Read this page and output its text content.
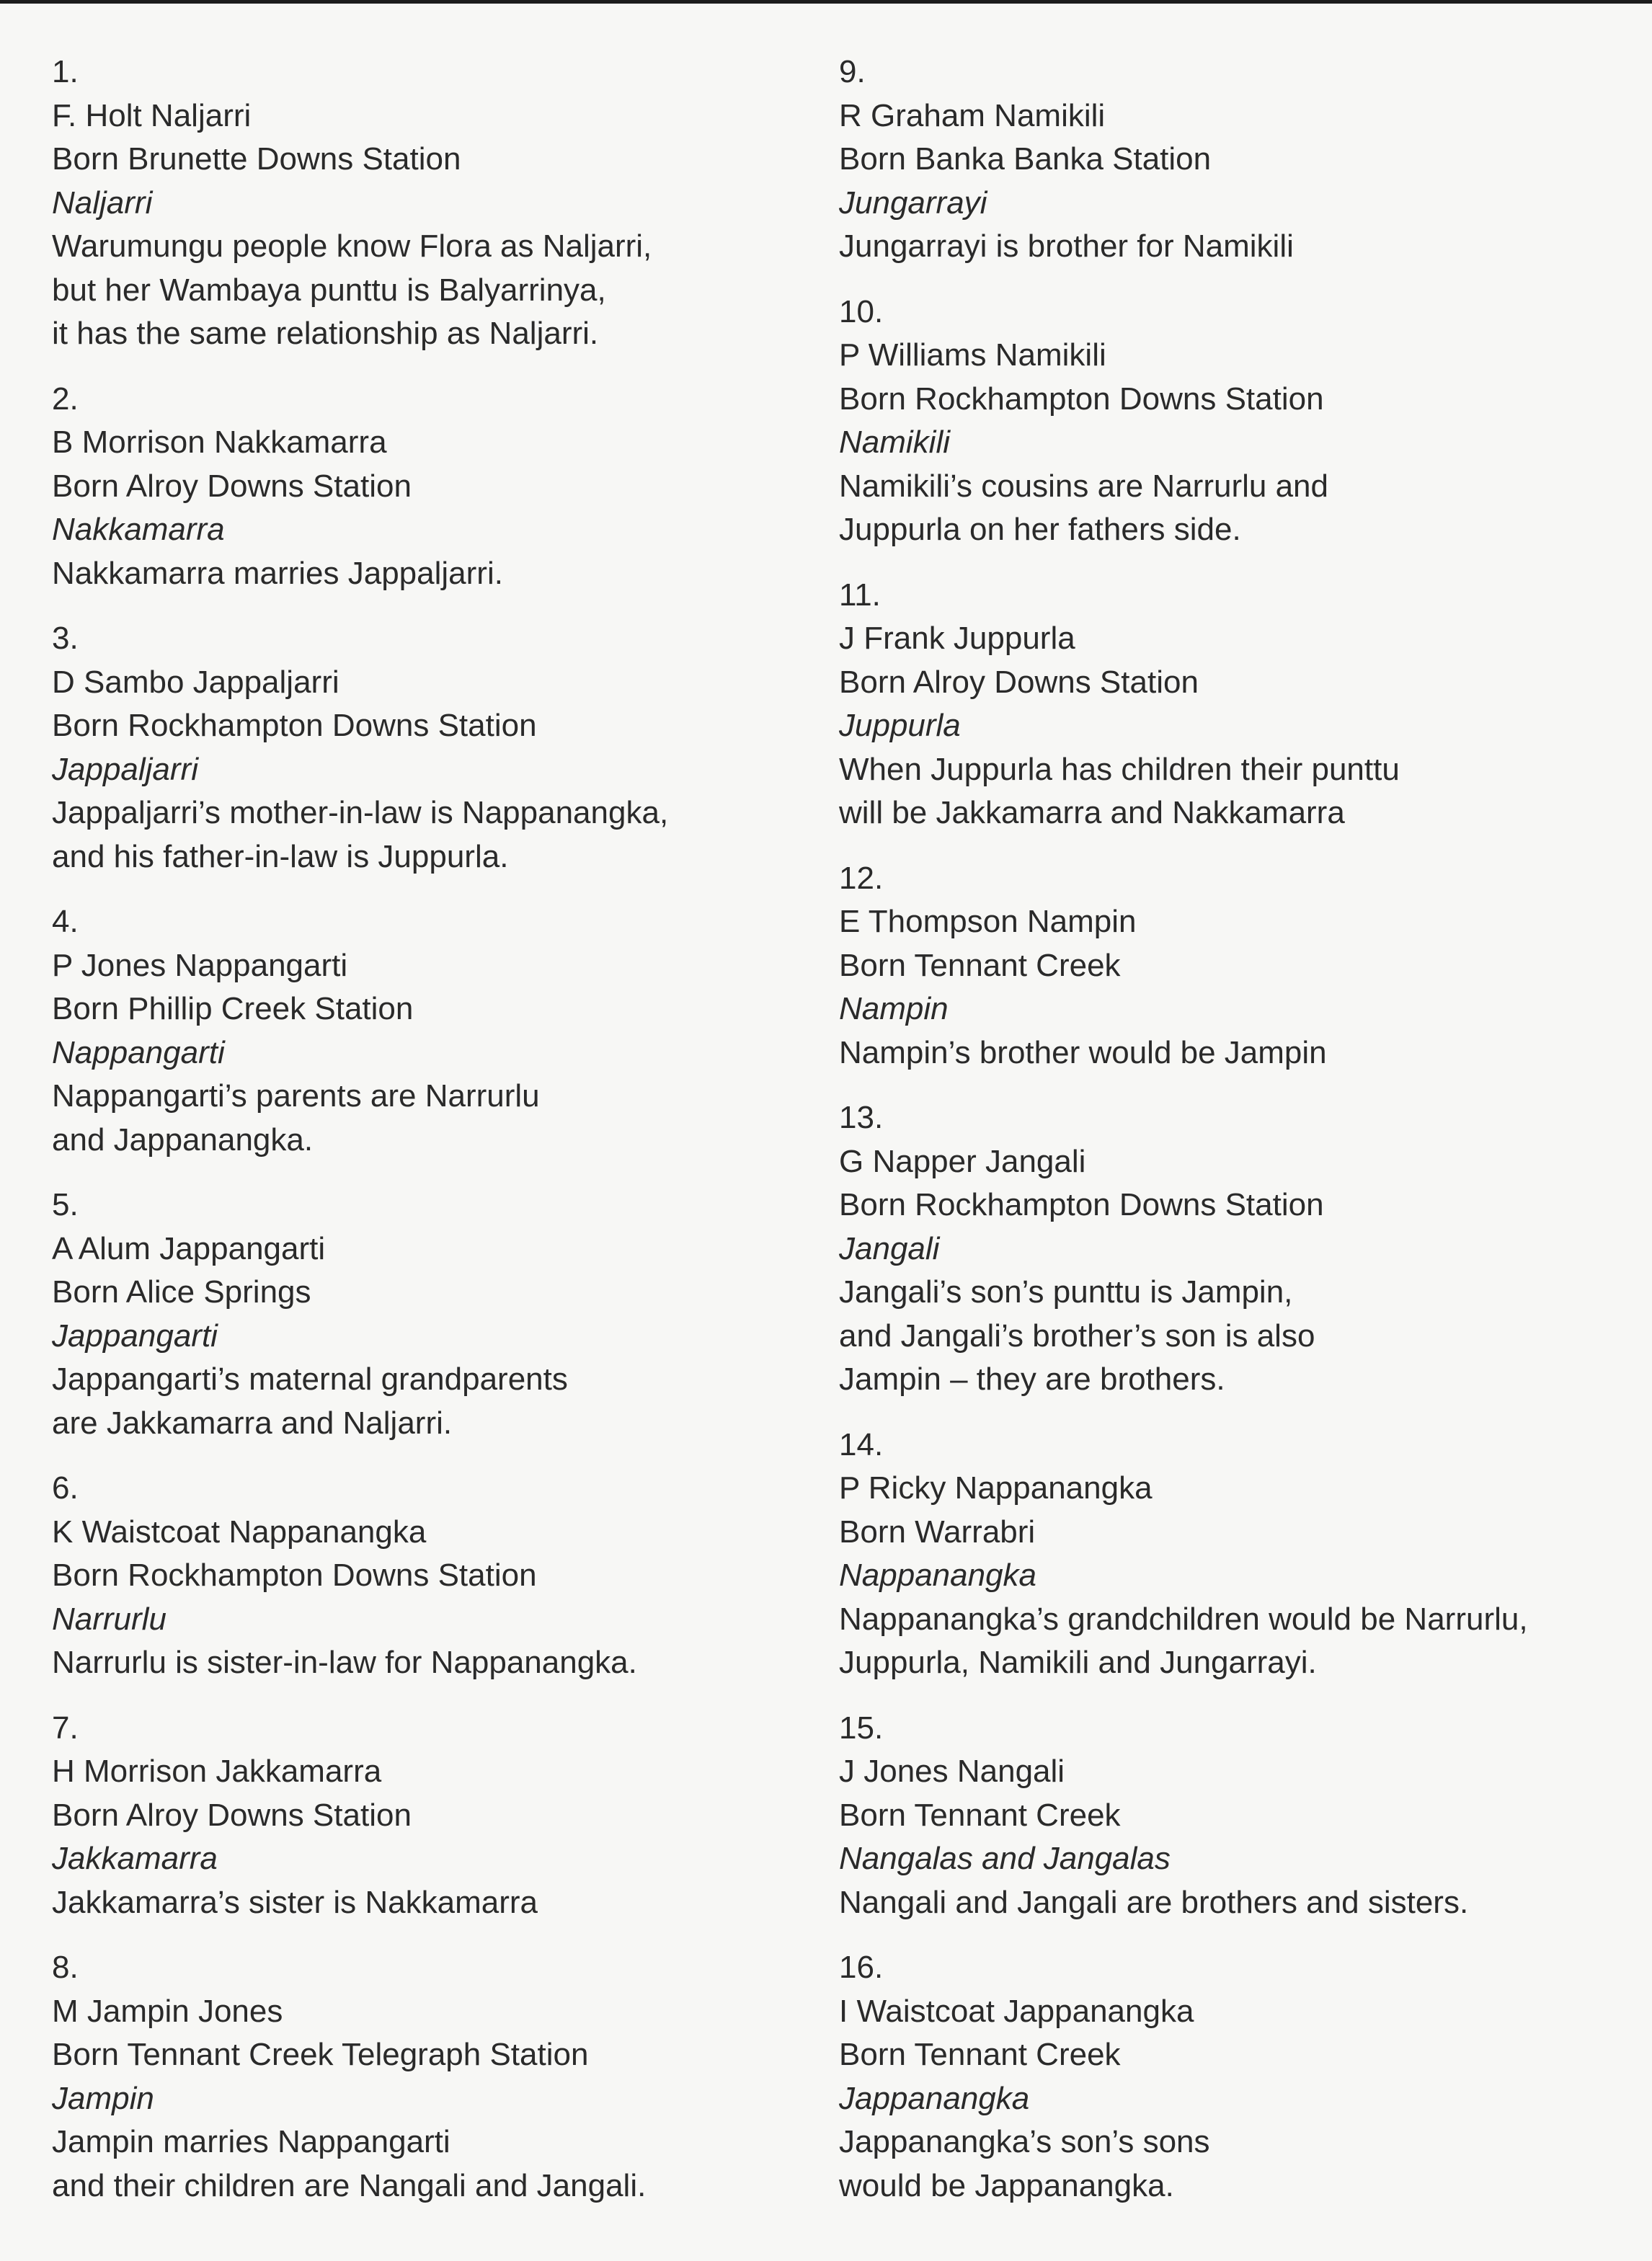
1.
F. Holt Naljarri
Born Brunette Downs Station
Naljarri
Warumungu people know Flora as Naljarri,
but her Wambaya punttu is Balyarrinya,
it has the same relationship as Naljarri.
2.
B Morrison Nakkamarra
Born Alroy Downs Station
Nakkamarra
Nakkamarra marries Jappaljarri.
3.
D Sambo Jappaljarri
Born Rockhampton Downs Station
Jappaljarri
Jappaljarri’s mother-in-law is Nappanangka,
and his father-in-law is Juppurla.
4.
P Jones Nappangarti
Born Phillip Creek Station
Nappangarti
Nappangarti’s parents are Narrurlu
and Jappanangka.
5.
A Alum Jappangarti
Born Alice Springs
Jappangarti
Jappangarti’s maternal grandparents
are Jakkamarra and Naljarri.
6.
K Waistcoat Nappanangka
Born Rockhampton Downs Station
Narrurlu
Narrurlu is sister-in-law for Nappanangka.
7.
H Morrison Jakkamarra
Born Alroy Downs Station
Jakkamarra
Jakkamarra’s sister is Nakkamarra
8.
M Jampin Jones
Born Tennant Creek Telegraph Station
Jampin
Jampin marries Nappangarti
and their children are Nangali and Jangali.
9.
R Graham Namikili
Born Banka Banka Station
Jungarrayi
Jungarrayi is brother for Namikili
10.
P Williams Namikili
Born Rockhampton Downs Station
Namikili
Namikili’s cousins are Narrurlu and
Juppurla on her fathers side.
11.
J Frank Juppurla
Born Alroy Downs Station
Juppurla
When Juppurla has children their punttu
will be Jakkamarra and Nakkamarra
12.
E Thompson Nampin
Born Tennant Creek
Nampin
Nampin’s brother would be Jampin
13.
G Napper Jangali
Born Rockhampton Downs Station
Jangali
Jangali’s son’s punttu is Jampin,
and Jangali’s brother’s son is also
Jampin – they are brothers.
14.
P Ricky Nappanangka
Born Warrabri
Nappanangka
Nappanangka’s grandchildren would be Narrurlu,
Juppurla, Namikili and Jungarrayi.
15.
J Jones Nangali
Born Tennant Creek
Nangalas and Jangalas
Nangali and Jangali are brothers and sisters.
16.
I Waistcoat Jappanangka
Born Tennant Creek
Jappanangka
Jappanangka’s son’s sons
would be Jappanangka.
